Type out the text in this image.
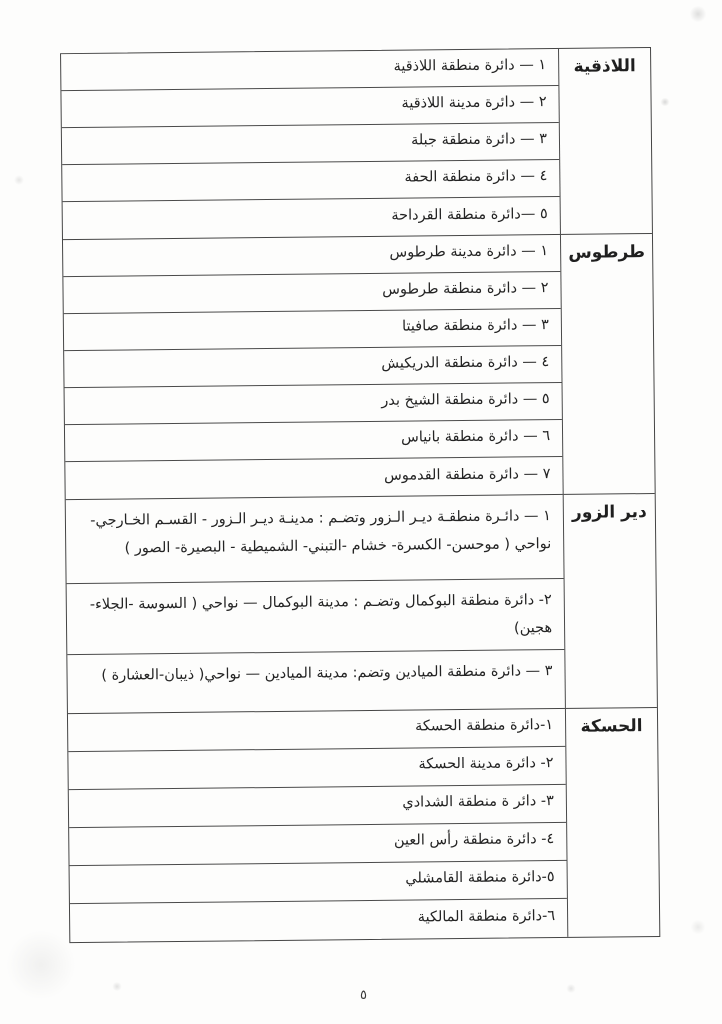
اللاذقية
١ — دائرة منطقة اللاذقية
٢ — دائرة مدينة اللاذقية
٣ — دائرة منطقة جبلة
٤ — دائرة منطقة الحفة
٥ —دائرة منطقة القرداحة
طرطوس
١ — دائرة مدينة طرطوس
٢ — دائرة منطقة طرطوس
٣ — دائرة منطقة صافيتا
٤ — دائرة منطقة الدريكيش
٥ — دائرة منطقة الشيخ بدر
٦ — دائرة منطقة بانياس
٧ — دائرة منطقة القدموس
دير الزور
١ — دائـرة منطقـة ديـر الـزور وتضـم : مدينـة ديـر الـزور - القسـم الخـارجي-
نواحي ( موحسن- الكسرة- خشام -التبني- الشميطية - البصيرة- الصور )
٢- دائرة منطقة البوكمال وتضـم : مدينة البوكمال — نواحي ( السوسة -الجلاء-
هجين)
٣ — دائرة منطقة الميادين وتضم: مدينة الميادين — نواحي( ذيبان-العشارة )
الحسكة
١-دائرة منطقة الحسكة
٢- دائرة مدينة الحسكة
٣- دائر ة منطقة الشدادي
٤- دائرة منطقة رأس العين
٥-دائرة منطقة القامشلي
٦-دائرة منطقة المالكية
٥
